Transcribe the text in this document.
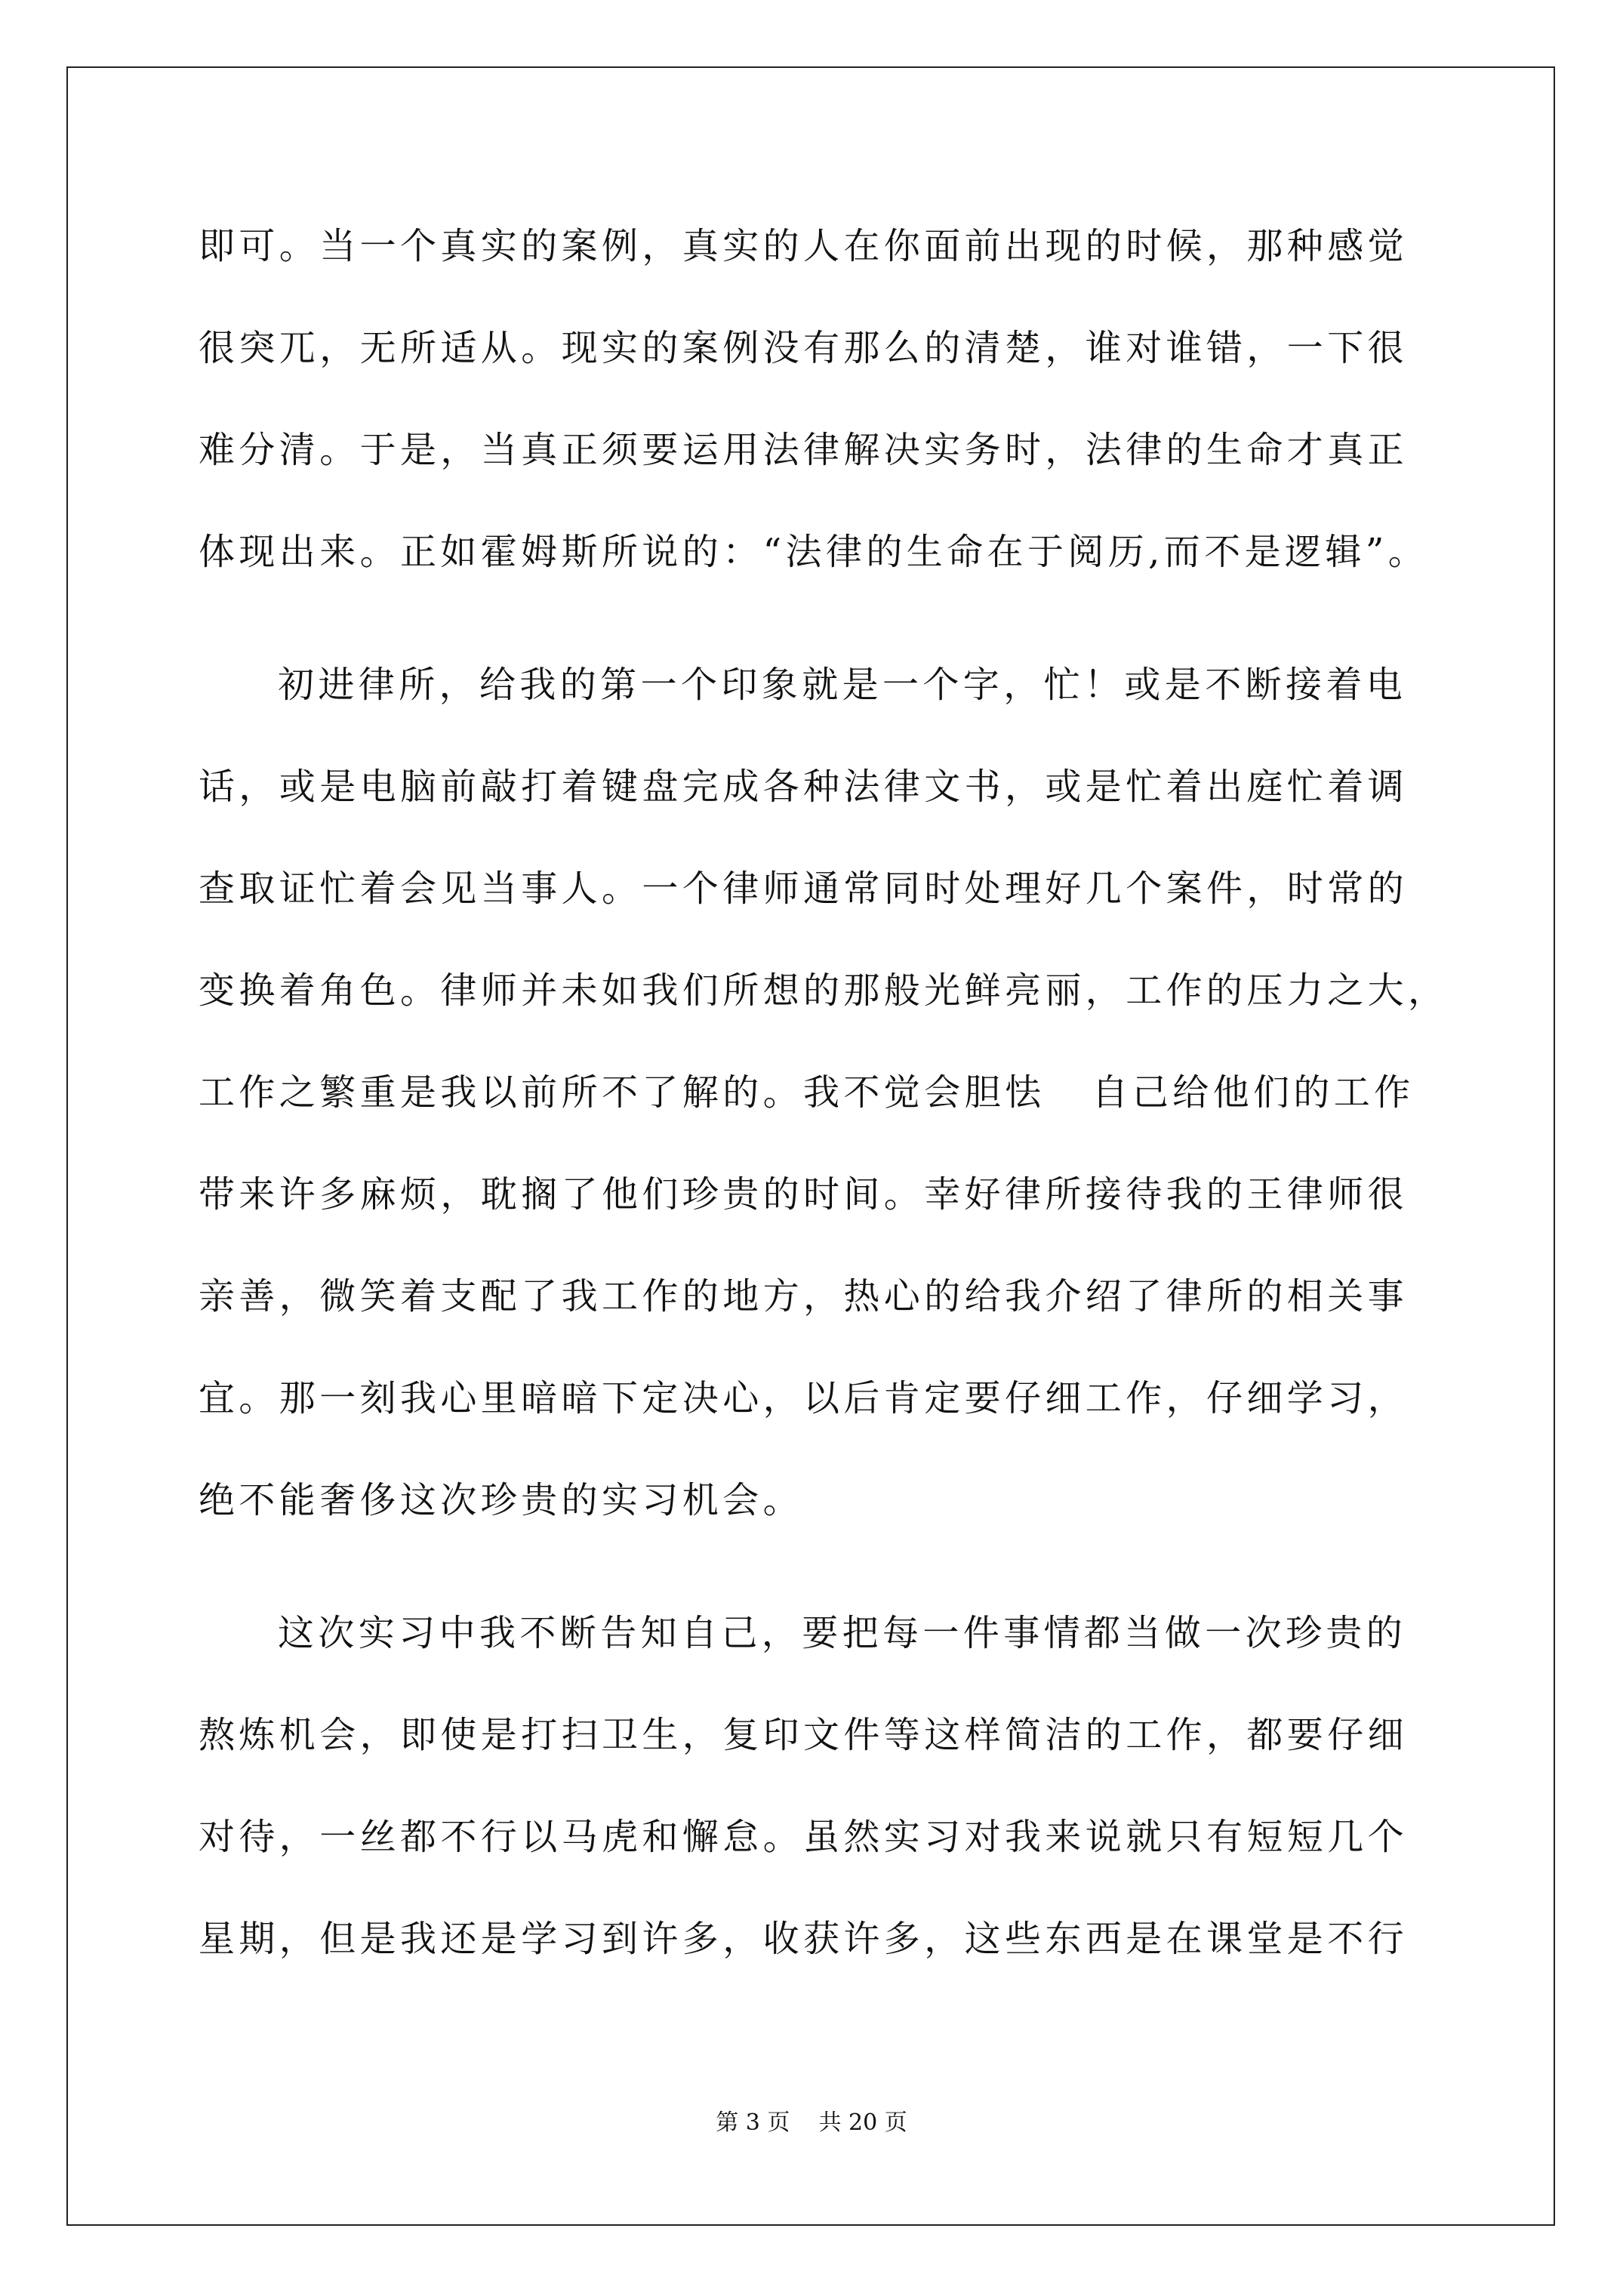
即可。当一个真实的案例，真实的人在你面前出现的时候，那种感觉
很突兀，无所适从。现实的案例没有那么的清楚，谁对谁错，一下很
难分清。于是，当真正须要运用法律解决实务时，法律的生命才真正
体现出来。正如霍姆斯所说的：“法律的生命在于阅历,而不是逻辑”。
初进律所，给我的第一个印象就是一个字，忙！或是不断接着电
话，或是电脑前敲打着键盘完成各种法律文书，或是忙着出庭忙着调
查取证忙着会见当事人。一个律师通常同时处理好几个案件，时常的
变换着角色。律师并未如我们所想的那般光鲜亮丽，工作的压力之大，
工作之繁重是我以前所不了解的。我不觉会胆怯   自己给他们的工作
带来许多麻烦，耽搁了他们珍贵的时间。幸好律所接待我的王律师很
亲善，微笑着支配了我工作的地方，热心的给我介绍了律所的相关事
宜。那一刻我心里暗暗下定决心，以后肯定要仔细工作，仔细学习，
绝不能奢侈这次珍贵的实习机会。
这次实习中我不断告知自己，要把每一件事情都当做一次珍贵的
熬炼机会，即使是打扫卫生，复印文件等这样简洁的工作，都要仔细
对待，一丝都不行以马虎和懈怠。虽然实习对我来说就只有短短几个
星期，但是我还是学习到许多，收获许多，这些东西是在课堂是不行
第 3 页    共 20 页
